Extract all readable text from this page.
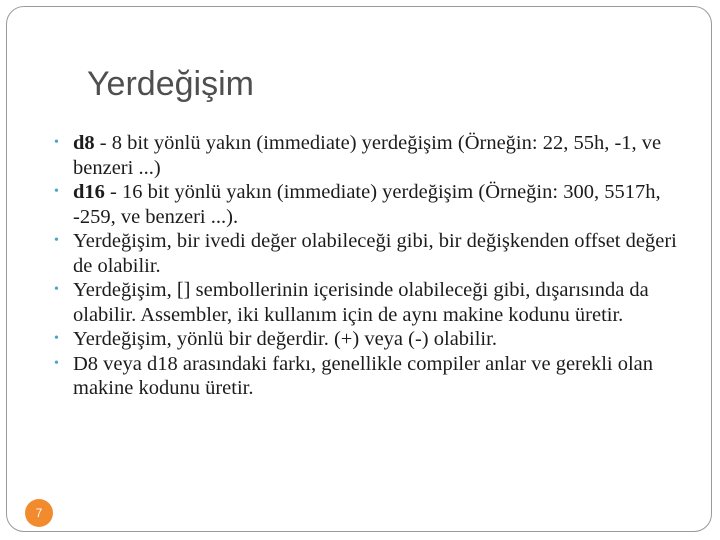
Yerdeğişim
• d8 - 8 bit yönlü yakın (immediate) yerdeğişim (Örneğin: 22, 55h, -1, ve benzeri ...)
• d16 - 16 bit yönlü yakın (immediate) yerdeğişim (Örneğin: 300, 5517h, -259, ve benzeri ...).
• Yerdeğişim, bir ivedi değer olabileceği gibi, bir değişkenden offset değeri de olabilir.
• Yerdeğişim, [] sembollerinin içerisinde olabileceği gibi, dışarısında da olabilir. Assembler, iki kullanım için de aynı makine kodunu üretir.
• Yerdeğişim, yönlü bir değerdir. (+) veya (-) olabilir.
• D8 veya d18 arasındaki farkı, genellikle compiler anlar ve gerekli olan makine kodunu üretir.
7
